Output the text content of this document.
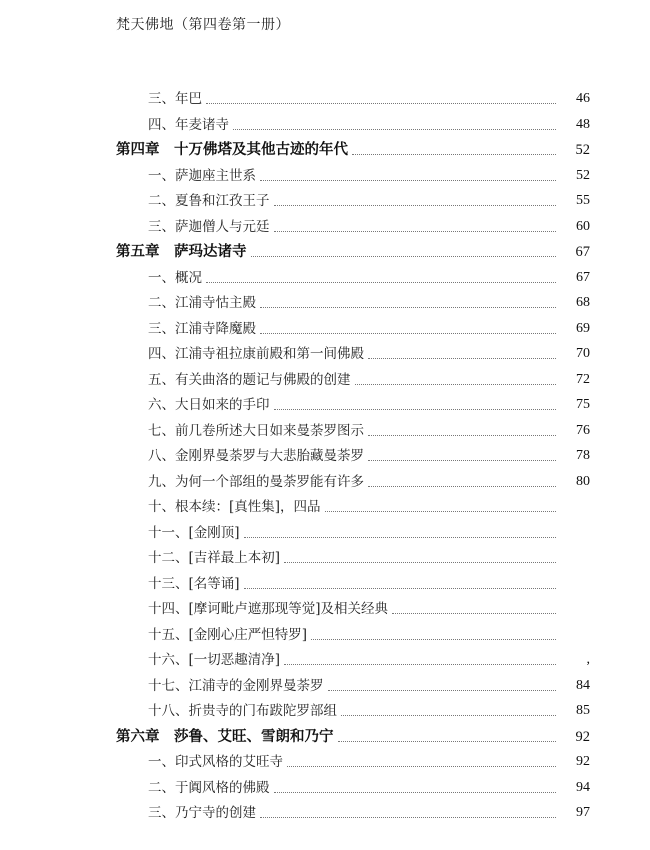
梵天佛地（第四卷第一册）
三、年巴	46
四、年麦诸寺	48
第四章　十万佛塔及其他古迹的年代	52
一、萨迦座主世系	52
二、夏鲁和江孜王子	55
三、萨迦僧人与元廷	60
第五章　萨玛达诸寺	67
一、概况	67
二、江浦寺怙主殿	68
三、江浦寺降魔殿	69
四、江浦寺祖拉康前殿和第一间佛殿	70
五、有关曲洛的题记与佛殿的创建	72
六、大日如来的手印	75
七、前几卷所述大日如来曼荼罗图示	76
八、金刚界曼荼罗与大悲胎藏曼荼罗	78
九、为何一个部组的曼荼罗能有许多	80
十、根本续：[真性集]，四品
十一、[金刚顶]
十二、[吉祥最上本初]
十三、[名等诵]
十四、[摩诃毗卢遮那现等觉]及相关经典
十五、[金刚心庄严怛特罗]
十六、[一切恶趣清净]	,
十七、江浦寺的金刚界曼荼罗	84
十八、折贵寺的门布跋陀罗部组	85
第六章　莎鲁、艾旺、雪朗和乃宁	92
一、印式风格的艾旺寺	92
二、于阗风格的佛殿	94
三、乃宁寺的创建	97
